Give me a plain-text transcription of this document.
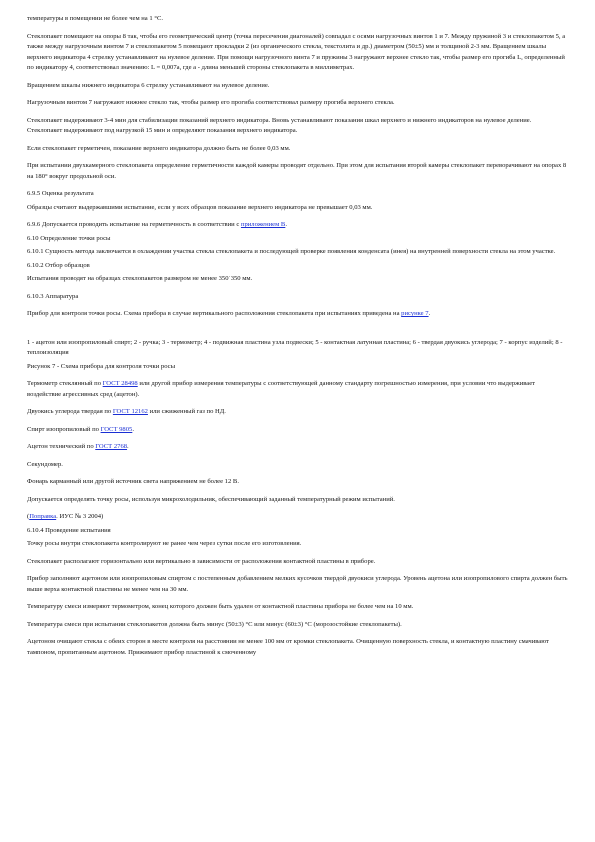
температуры в помещении не более чем на 1 °С.
Стеклопакет помещают на опоры 8 так, чтобы его геометрический центр (точка пересечения диагоналей) совпадал с осями нагрузочных винтов 1 и 7. Между пружиной 3 и стеклопакетом 5, а также между нагрузочным винтом 7 и стеклопакетом 5 помещают прокладки 2 (из органического стекла, текстолита и др.) диаметром (50±5) мм и толщиной 2-3 мм. Вращением шкалы верхнего индикатора 4 стрелку устанавливают на нулевое деление. При помощи нагрузочного винта 7 и пружины 3 нагружают верхнее стекло так, чтобы размер его прогиба L, определенный по индикатору 4, соответствовал значению: L = 0,007a, где a - длина меньшей стороны стеклопакета в миллиметрах.
Вращением шкалы нижнего индикатора 6 стрелку устанавливают на нулевое деление.
Нагрузочным винтом 7 нагружают нижнее стекло так, чтобы размер его прогиба соответствовал размеру прогиба верхнего стекла.
Стеклопакет выдерживают 3-4 мин для стабилизации показаний верхнего индикатора. Вновь устанавливают показания шкал верхнего и нижнего индикаторов на нулевое деление. Стеклопакет выдерживают под нагрузкой 15 мин и определяют показания верхнего индикатора.
Если стеклопакет герметичен, показание верхнего индикатора должно быть не более 0,03 мм.
При испытании двухкамерного стеклопакета определение герметичности каждой камеры проводят отдельно. При этом для испытания второй камеры стеклопакет переворачивают на опорах 8 на 180° вокруг продольной оси.
6.9.5 Оценка результата
Образцы считают выдержавшими испытание, если у всех образцов показание верхнего индикатора не превышает 0,03 мм.
6.9.6 Допускается проводить испытание на герметичность в соответствии с приложением В.
6.10 Определение точки росы
6.10.1 Сущность метода заключается в охлаждении участка стекла стеклопакета и последующей проверке появления конденсата (инея) на внутренней поверхности стекла на этом участке.
6.10.2 Отбор образцов
Испытания проводят на образцах стеклопакетов размером не менее 350˙350 мм.
6.10.3 Аппаратура
Прибор для контроля точки росы. Схема прибора в случае вертикального расположения стеклопакета при испытаниях приведена на рисунке 7.
1 - ацетон или изопропиловый спирт; 2 - ручка; 3 - термометр; 4 - подвижная пластина узла подвески; 5 - контактная латунная пластина; 6 - твердая двуокись углерода; 7 - корпус изделий; 8 - теплоизоляция
Рисунок 7 - Схема прибора для контроля точки росы
Термометр стеклянный по ГОСТ 28498 или другой прибор измерения температуры с соответствующей данному стандарту погрешностью измерения, при условии что выдерживает воздействие агрессивных сред (ацетон).
Двуокись углерода твердая по ГОСТ 12162 или сжиженный газ по НД.
Спирт изопропиловый по ГОСТ 9805.
Ацетон технический по ГОСТ 2768.
Секундомер.
Фонарь карманный или другой источник света напряжением не более 12 В.
Допускается определять точку росы, используя микрохолодильник, обеспечивающий заданный температурный режим испытаний.
(Поправка. ИУС № 3 2004)
6.10.4 Проведение испытания
Точку росы внутри стеклопакета контролируют не ранее чем через сутки после его изготовления.
Стеклопакет располагают горизонтально или вертикально в зависимости от расположения контактной пластины в приборе.
Прибор заполняют ацетоном или изопропиловым спиртом с постепенным добавлением мелких кусочков твердой двуокиси углерода. Уровень ацетона или изопропилового спирта должен быть выше верха контактной пластины не менее чем на 30 мм.
Температуру смеси измеряют термометром, конец которого должен быть удален от контактной пластины прибора не более чем на 10 мм.
Температура смеси при испытании стеклопакетов должна быть минус (50±3) °С или минус (60±3) °С (морозостойкие стеклопакеты).
Ацетоном очищают стекла с обеих сторон в месте контроля на расстоянии не менее 100 мм от кромки стеклопакета. Очищенную поверхность стекла, и контактную пластину смачивают тампоном, пропитанным ацетоном. Прижимают прибор пластиной к смоченному
